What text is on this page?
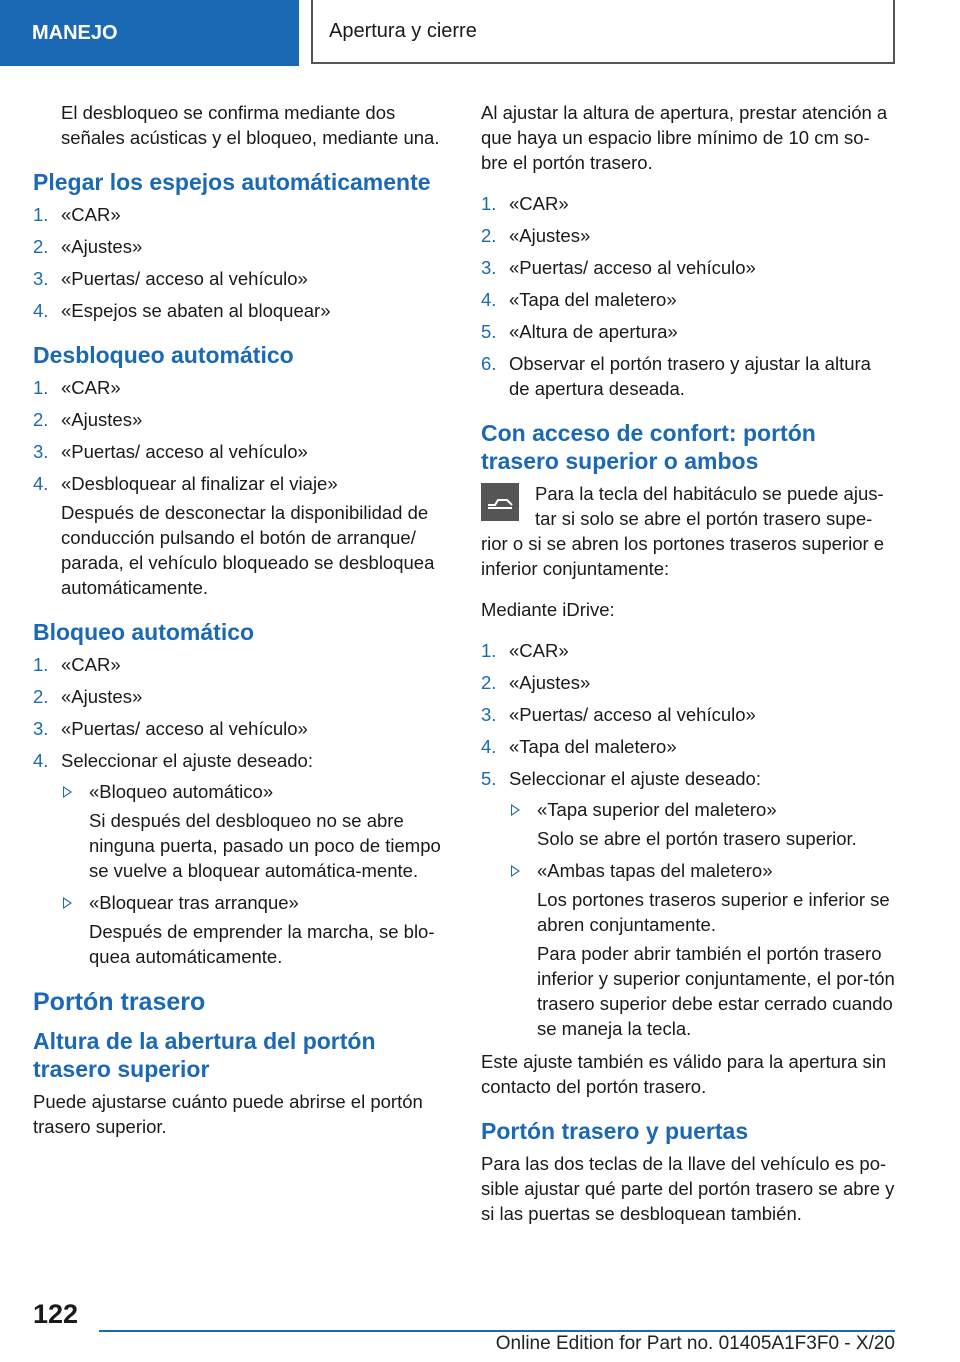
MANEJO	Apertura y cierre

El desbloqueo se confirma mediante dos señales acústicas y el bloqueo, mediante una.

Plegar los espejos automáticamente
1. «CAR»
2. «Ajustes»
3. «Puertas/ acceso al vehículo»
4. «Espejos se abaten al bloquear»
Desbloqueo automático
1. «CAR»
2. «Ajustes»
3. «Puertas/ acceso al vehículo»
4. «Desbloquear al finalizar el viaje»
Después de desconectar la disponibilidad de conducción pulsando el botón de arranque/ parada, el vehículo bloqueado se desbloquea automáticamente.
Bloqueo automático
1. «CAR»
2. «Ajustes»
3. «Puertas/ acceso al vehículo»
4. Seleccionar el ajuste deseado:
«Bloqueo automático»
Si después del desbloqueo no se abre ninguna puerta, pasado un poco de tiempo se vuelve a bloquear automática-mente.
«Bloquear tras arranque»
Después de emprender la marcha, se blo-quea automáticamente.
Portón trasero
Altura de la abertura del portón trasero superior

Puede ajustarse cuánto puede abrirse el portón trasero superior.

Al ajustar la altura de apertura, prestar atención a que haya un espacio libre mínimo de 10 cm so-bre el portón trasero.

1. «CAR»
2. «Ajustes»
3. «Puertas/ acceso al vehículo»
4. «Tapa del maletero»
5. «Altura de apertura»
6. Observar el portón trasero y ajustar la altura de apertura deseada.
Con acceso de confort: portón trasero superior o ambos
Para la tecla del habitáculo se puede ajus-tar si solo se abre el portón trasero supe-rior o si se abren los portones traseros superior e inferior conjuntamente:

Mediante iDrive:

1. «CAR»
2. «Ajustes»
3. «Puertas/ acceso al vehículo»
4. «Tapa del maletero»
5. Seleccionar el ajuste deseado:
«Tapa superior del maletero»
Solo se abre el portón trasero superior.
«Ambas tapas del maletero»
Los portones traseros superior e inferior se abren conjuntamente.
Para poder abrir también el portón trasero inferior y superior conjuntamente, el por-tón trasero superior debe estar cerrado cuando se maneja la tecla.

Este ajuste también es válido para la apertura sin contacto del portón trasero.

Portón trasero y puertas

Para las dos teclas de la llave del vehículo es po-sible ajustar qué parte del portón trasero se abre y si las puertas se desbloquean también.

122
Online Edition for Part no. 01405A1F3F0 - X/20
